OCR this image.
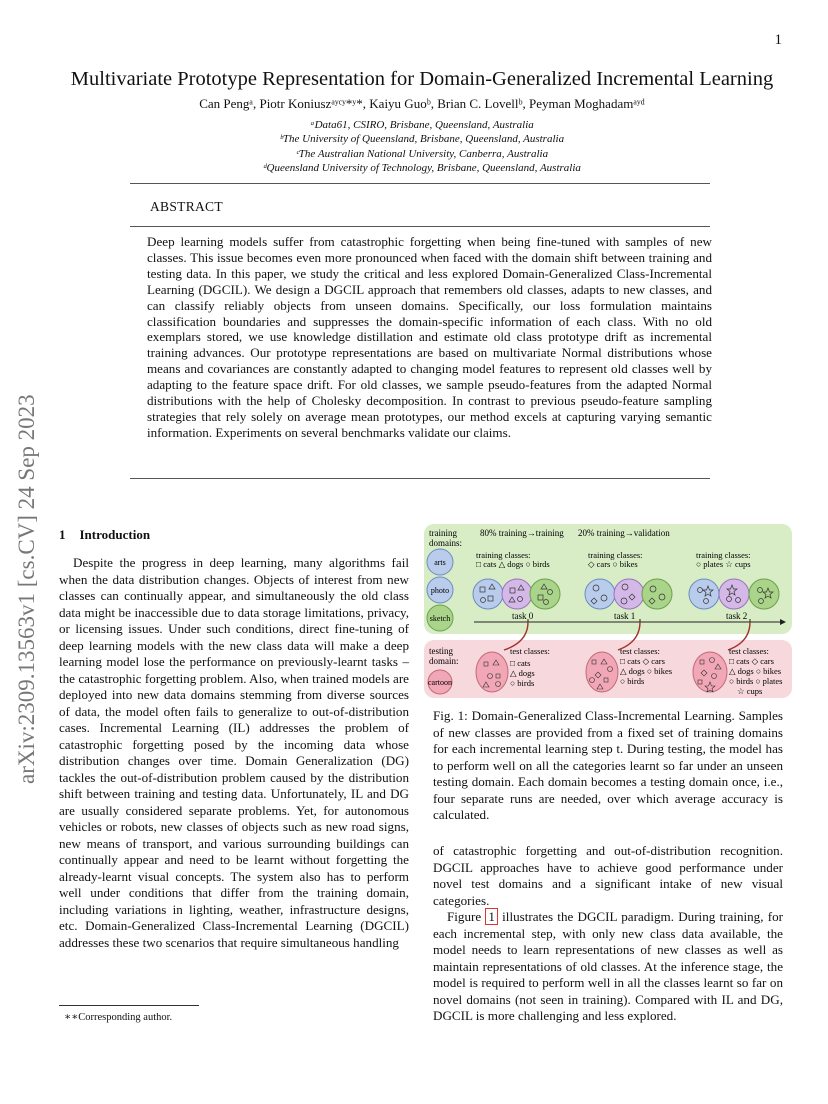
1
arXiv:2309.13563v1 [cs.CV] 24 Sep 2023
Multivariate Prototype Representation for Domain-Generalized Incremental Learning
Can Pengᵃ, Piotr Koniuszᵃʸᶜʸ*ʸ*, Kaiyu Guoᵇ, Brian C. Lovellᵇ, Peyman Moghadamᵃʸᵈ
ᵃData61, CSIRO, Brisbane, Queensland, Australia
ᵇThe University of Queensland, Brisbane, Queensland, Australia
ᶜThe Australian National University, Canberra, Australia
ᵈQueensland University of Technology, Brisbane, Queensland, Australia
ABSTRACT
Deep learning models suffer from catastrophic forgetting when being fine-tuned with samples of new classes. This issue becomes even more pronounced when faced with the domain shift between training and testing data. In this paper, we study the critical and less explored Domain-Generalized Class-Incremental Learning (DGCIL). We design a DGCIL approach that remembers old classes, adapts to new classes, and can classify reliably objects from unseen domains. Specifically, our loss formulation maintains classification boundaries and suppresses the domain-specific information of each class. With no old exemplars stored, we use knowledge distillation and estimate old class prototype drift as incremental training advances. Our prototype representations are based on multivariate Normal distributions whose means and covariances are constantly adapted to changing model features to represent old classes well by adapting to the feature space drift. For old classes, we sample pseudo-features from the adapted Normal distributions with the help of Cholesky decomposition. In contrast to previous pseudo-feature sampling strategies that rely solely on average mean prototypes, our method excels at capturing varying semantic information. Experiments on several benchmarks validate our claims.
1 Introduction

Despite the progress in deep learning, many algorithms fail when the data distribution changes. Objects of interest from new classes can continually appear, and simultaneously the old class data might be inaccessible due to data storage limitations, privacy, or licensing issues. Under such conditions, direct fine-tuning of deep learning models with the new class data will make a deep learning model lose the performance on previously-learnt tasks – the catastrophic forgetting problem. Also, when trained models are deployed into new data domains stemming from diverse sources of data, the model often fails to generalize to out-of-distribution cases. Incremental Learning (IL) addresses the problem of catastrophic forgetting posed by the incoming data whose distribution changes over time. Domain Generalization (DG) tackles the out-of-distribution problem caused by the distribution shift between training and testing data. Unfortunately, IL and DG are usually considered separate problems. Yet, for autonomous vehicles or robots, new classes of objects such as new road signs, new means of transport, and various surrounding buildings can continually appear and need to be learnt without forgetting the already-learnt visual concepts. The system also has to perform well under conditions that differ from the training domain, including variations in lighting, weather, infrastructure designs, etc. Domain-Generalized Class-Incremental Learning (DGCIL) addresses these two scenarios that require simultaneous handling

training
domains:
80% training→training 20% training→validation
arts
photo
sketch
training classes:
□ cats △ dogs ○ birds
training classes:
◇ cars ○ bikes
training classes:
○ plates ☆ cups
task 0	task 1	task 2
testing
domain:
cartoon
test classes:
□ cats
△ dogs
○ birds
test classes:
□ cats ◇ cars
△ dogs ○ bikes
○ birds
test classes:
□ cats ◇ cars
△ dogs ○ bikes
○ birds ○ plates
☆ cups
Fig. 1: Domain-Generalized Class-Incremental Learning. Samples of new classes are provided from a fixed set of training domains for each incremental learning step t. During testing, the model has to perform well on all the categories learnt so far under an unseen testing domain. Each domain becomes a testing domain once, i.e., four separate runs are needed, over which average accuracy is calculated.

of catastrophic forgetting and out-of-distribution recognition. DGCIL approaches have to achieve good performance under novel test domains and a significant intake of new visual categories.

Figure 1 illustrates the DGCIL paradigm. During training, for each incremental step, with only new class data available, the model needs to learn representations of new classes as well as maintain representations of old classes. At the inference stage, the model is required to perform well in all the classes learnt so far on novel domains (not seen in training). Compared with IL and DG, DGCIL is more challenging and less explored.

∗∗Corresponding author.
